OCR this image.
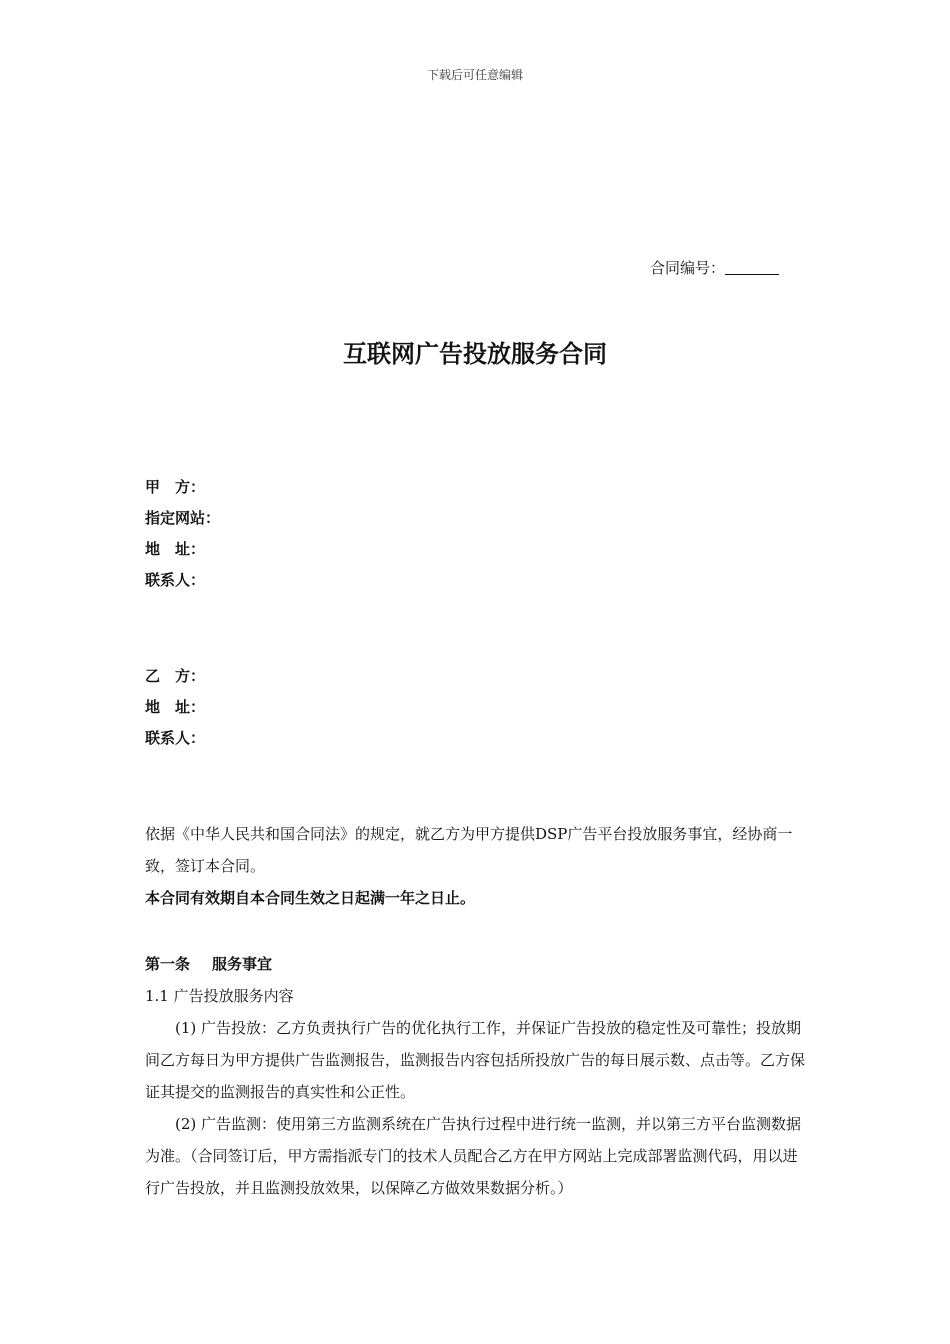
下载后可任意编辑
合同编号：
互联网广告投放服务合同
甲　方：
指定网站：
地　址：
联系人：
乙　方：
地　址：
联系人：
依据《中华人民共和国合同法》的规定，就乙方为甲方提供DSP广告平台投放服务事宜，经协商一致，签订本合同。
本合同有效期自本合同生效之日起满一年之日止。
第一条 服务事宜
1.1 广告投放服务内容
(1) 广告投放：乙方负责执行广告的优化执行工作，并保证广告投放的稳定性及可靠性；投放期间乙方每日为甲方提供广告监测报告，监测报告内容包括所投放广告的每日展示数、点击等。乙方保证其提交的监测报告的真实性和公正性。
(2) 广告监测：使用第三方监测系统在广告执行过程中进行统一监测，并以第三方平台监测数据为准。（合同签订后，甲方需指派专门的技术人员配合乙方在甲方网站上完成部署监测代码，用以进行广告投放，并且监测投放效果，以保障乙方做效果数据分析。）
